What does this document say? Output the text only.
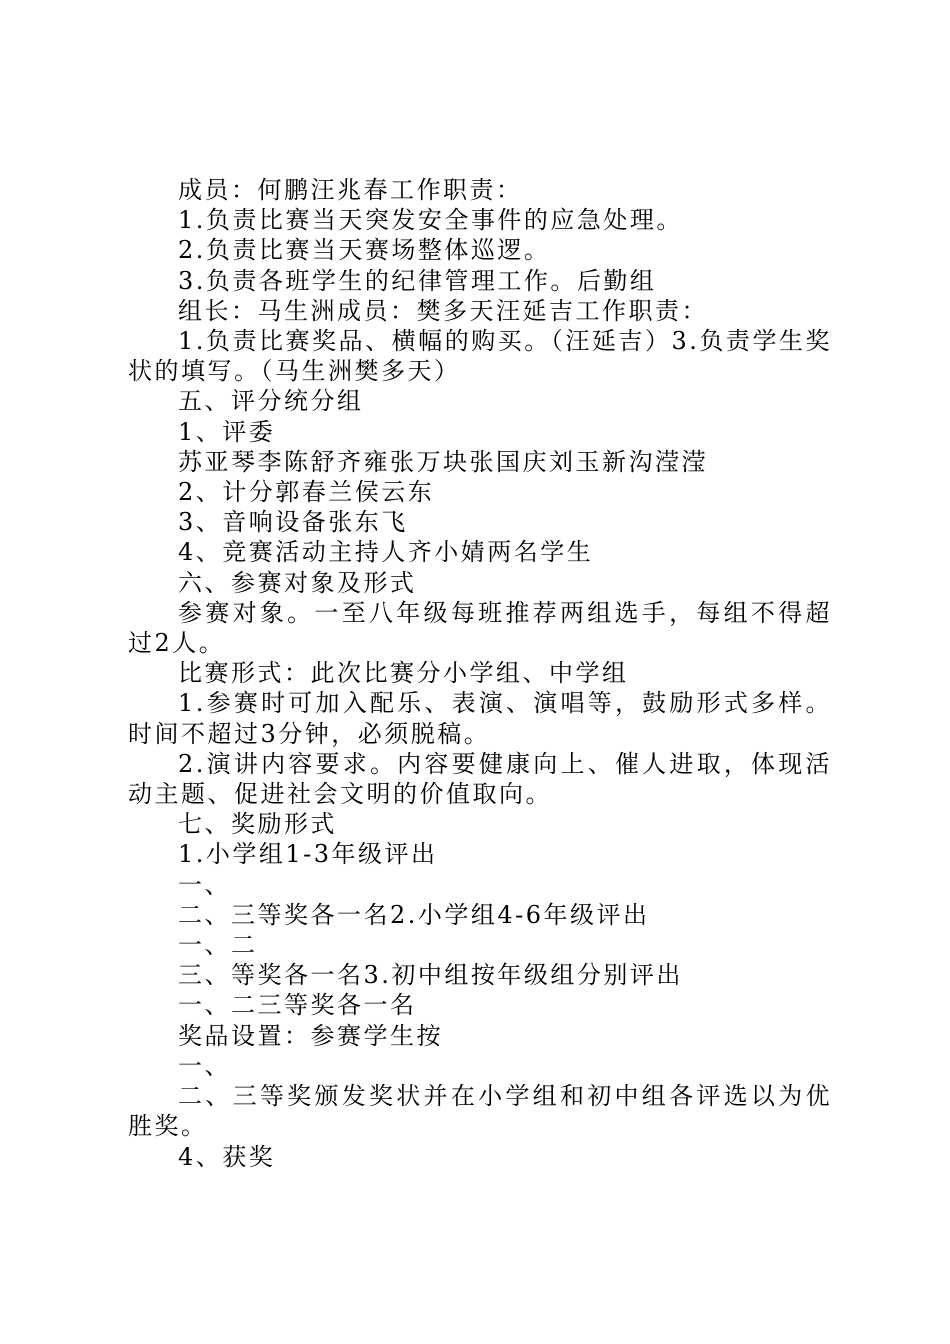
成员：何鹏汪兆春工作职责：

1.负责比赛当天突发安全事件的应急处理。

2.负责比赛当天赛场整体巡逻。

3.负责各班学生的纪律管理工作。后勤组

组长：马生洲成员：樊多天汪延吉工作职责：

1.负责比赛奖品、横幅的购买。（汪延吉）3.负责学生奖状的填写。（马生洲樊多天）

五、评分统分组

1、评委

苏亚琴李陈舒齐雍张万块张国庆刘玉新沟滢滢

2、计分郭春兰侯云东

3、音响设备张东飞

4、竞赛活动主持人齐小婧两名学生

六、参赛对象及形式

参赛对象。一至八年级每班推荐两组选手，每组不得超过2人。

比赛形式：此次比赛分小学组、中学组

1.参赛时可加入配乐、表演、演唱等，鼓励形式多样。时间不超过3分钟，必须脱稿。

2.演讲内容要求。内容要健康向上、催人进取，体现活动主题、促进社会文明的价值取向。

七、奖励形式

1.小学组1-3年级评出

一、

二、三等奖各一名2.小学组4-6年级评出

一、二

三、等奖各一名3.初中组按年级组分别评出

一、二三等奖各一名

奖品设置：参赛学生按

一、

二、三等奖颁发奖状并在小学组和初中组各评选以为优胜奖。

4、获奖
